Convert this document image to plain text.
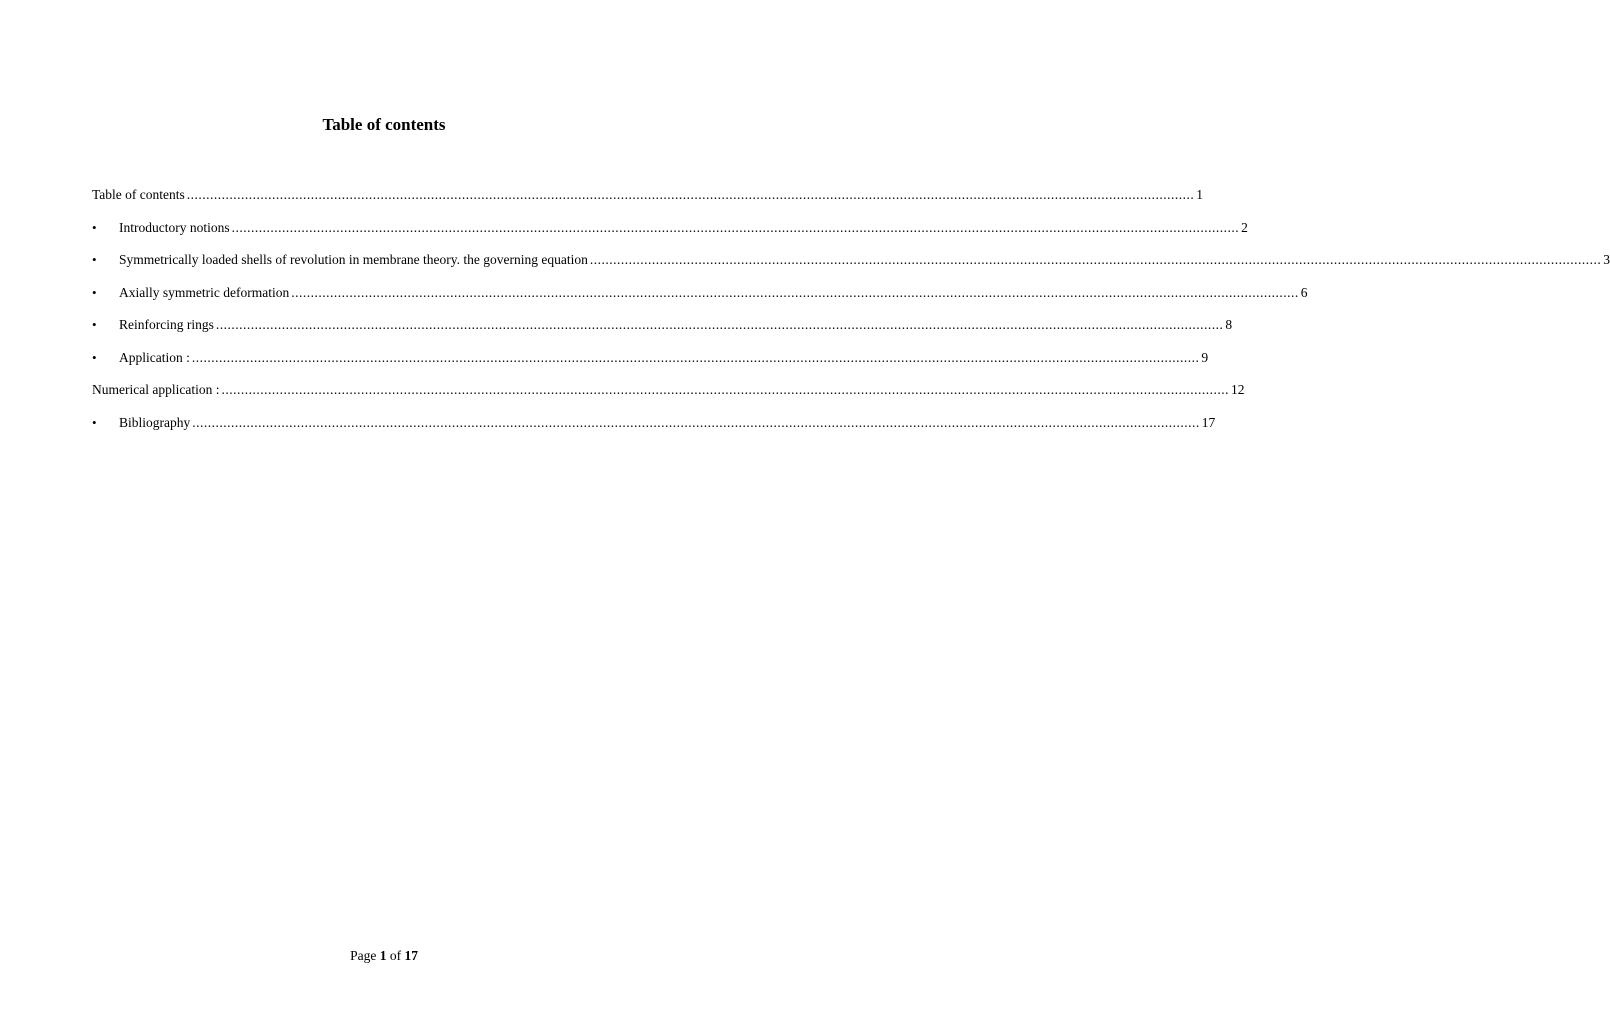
Table of contents
Table of contents .....	1
•	Introductory notions .....	2
•	Symmetrically loaded shells of revolution in membrane theory. the governing equation . .....	3
•	Axially symmetric deformation .....	6
•	Reinforcing rings .....	8
•	Application : .....	9
Numerical application : .....	12
•	Bibliography .....	17
Page 1 of 17
